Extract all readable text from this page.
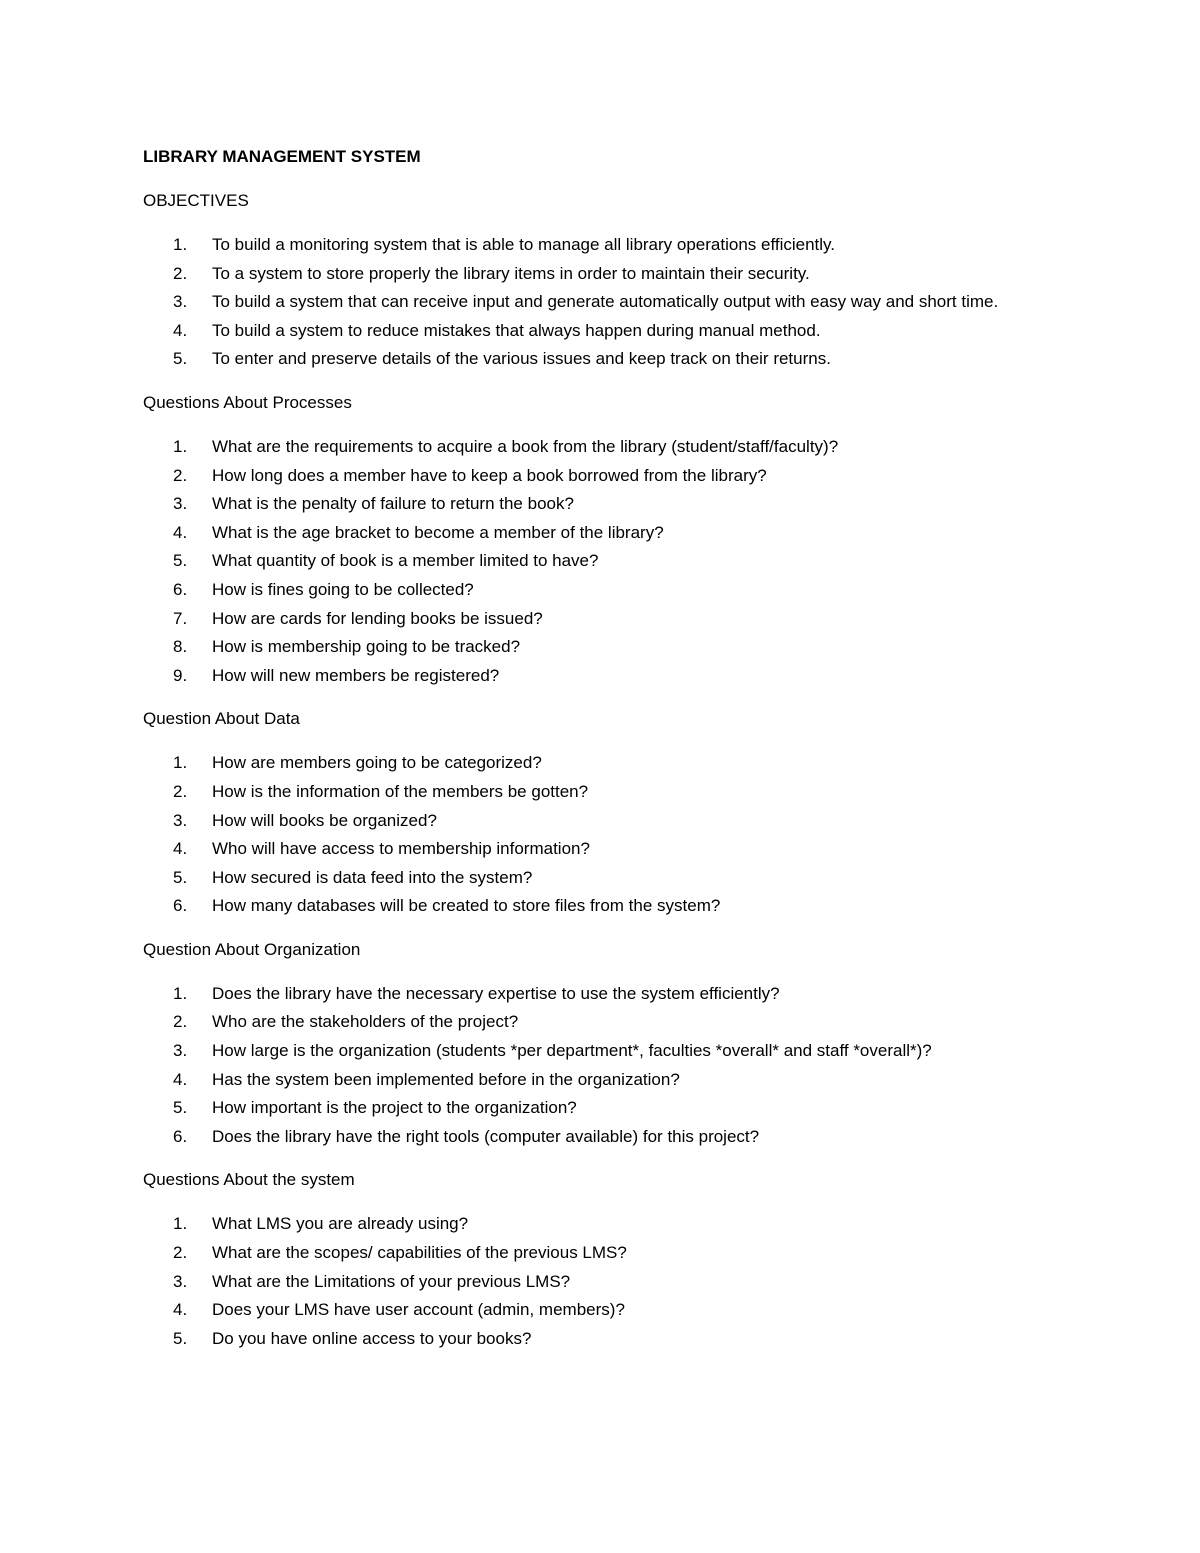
LIBRARY MANAGEMENT SYSTEM
OBJECTIVES
1.	To build a monitoring system that is able to manage all library operations efficiently.
2.	To a system to store properly the library items in order to maintain their security.
3.	To build a system that can receive input and generate automatically output with easy way and short time.
4.	To build a system to reduce mistakes that always happen during manual method.
5.	To enter and preserve details of the various issues and keep track on their returns.
Questions About Processes
1.	What are the requirements to acquire a book from the library (student/staff/faculty)?
2.	How long does a member have to keep a book borrowed from the library?
3.	What is the penalty of failure to return the book?
4.	What is the age bracket to become a member of the library?
5.	What quantity of book is a member limited to have?
6.	How is fines going to be collected?
7.	How are cards for lending books be issued?
8.	How is membership going to be tracked?
9.	How will new members be registered?
Question About Data
1.	How are members going to be categorized?
2.	How is the information of the members be gotten?
3.	How will books be organized?
4.	Who will have access to membership information?
5.	How secured is data feed into the system?
6.	How many databases will be created to store files from the system?
Question About Organization
1.	Does the library have the necessary expertise to use the system efficiently?
2.	Who are the stakeholders of the project?
3.	How large is the organization (students *per department*, faculties *overall* and staff *overall*)?
4.	Has the system been implemented before in the organization?
5.	How important is the project to the organization?
6.	Does the library have the right tools (computer available) for this project?
Questions About the system
1.	What LMS you are already using?
2.	What are the scopes/ capabilities of the previous LMS?
3.	What are the Limitations of your previous LMS?
4.	Does your LMS have user account (admin, members)?
5.	Do you have online access to your books?
